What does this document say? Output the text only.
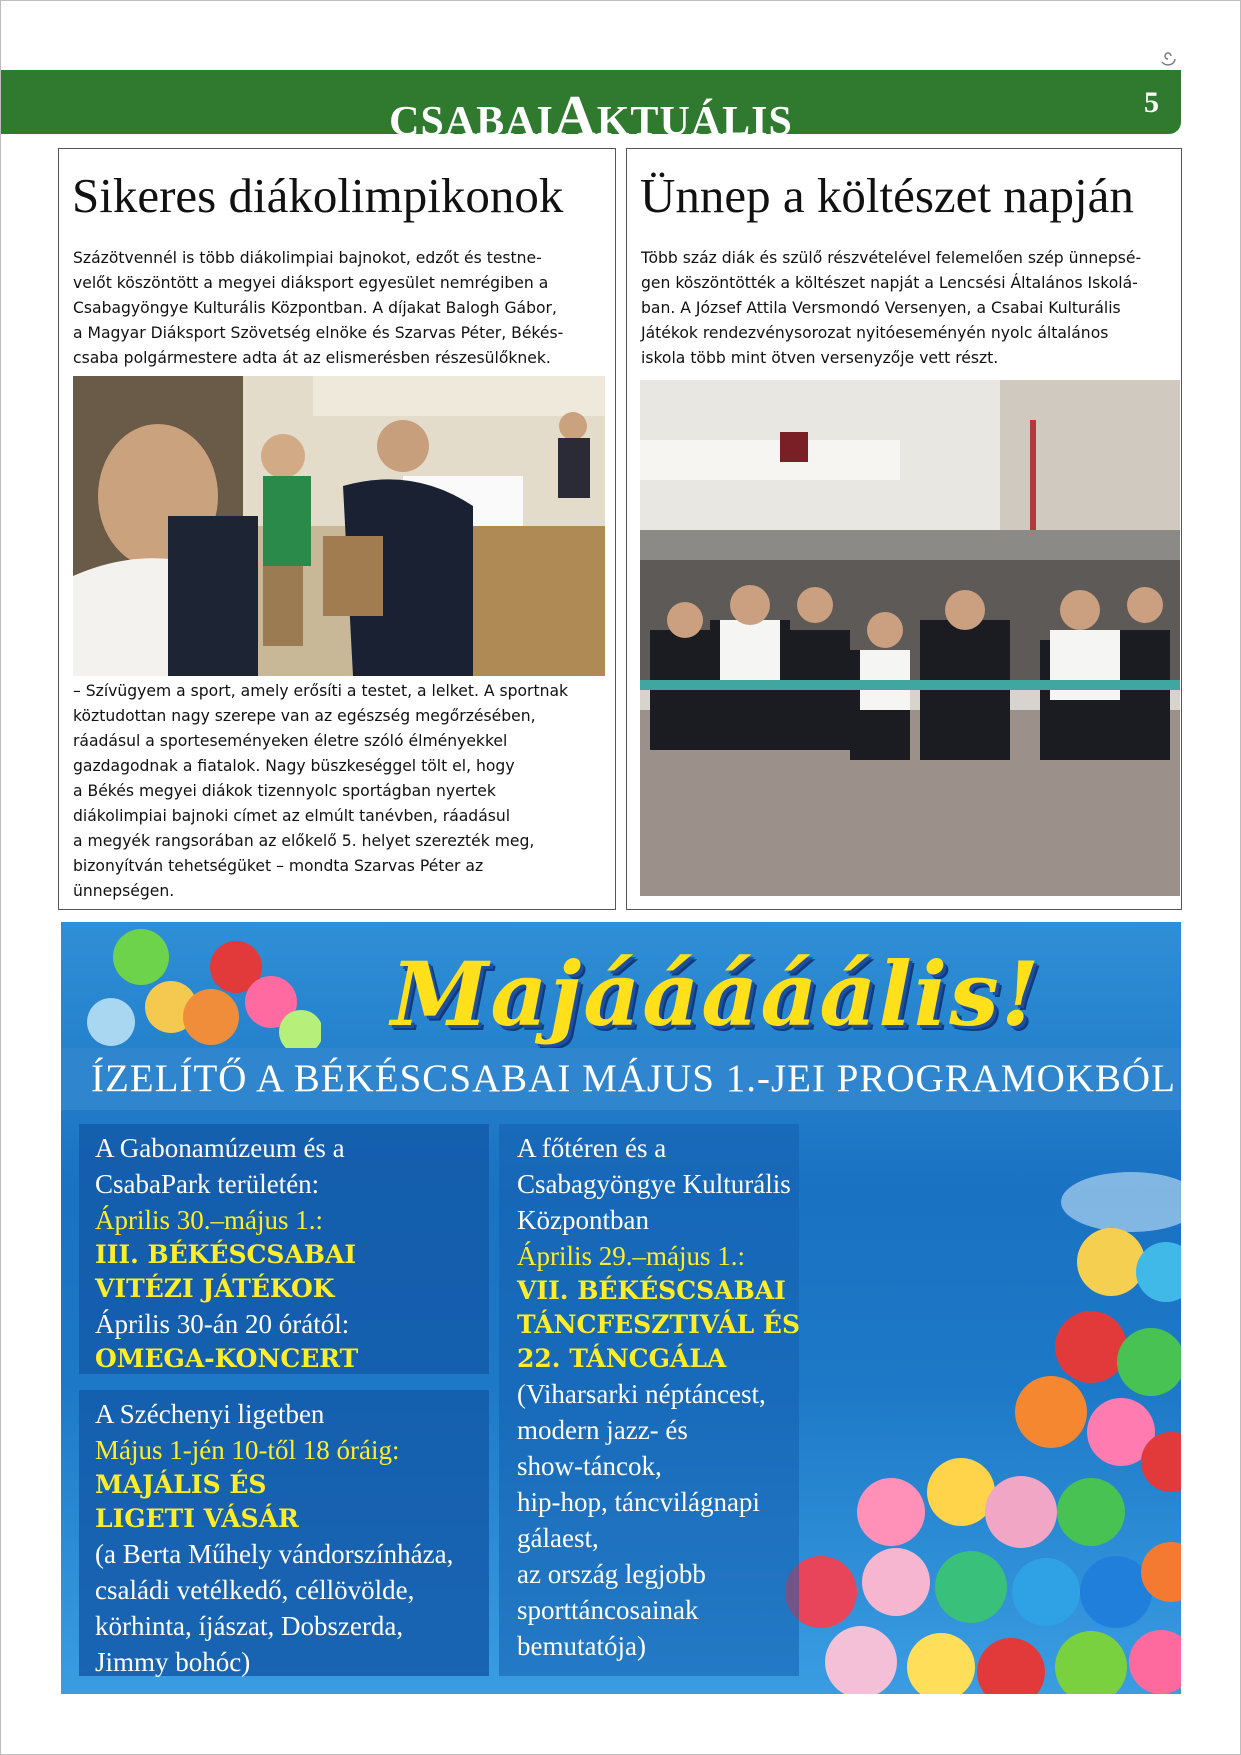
CSABAIAKTUÁLIS	5
Sikeres diákolimpikonok
Százötvennél is több diákolimpiai bajnokot, edzőt és testne-
velőt köszöntött a megyei diáksport egyesület nemrégiben a
Csabagyöngye Kulturális Központban. A díjakat Balogh Gábor,
a Magyar Diáksport Szövetség elnöke és Szarvas Péter, Békés-
csaba polgármestere adta át az elismerésben részesülőknek.
– Szívügyem a sport, amely erősíti a testet, a lelket. A sportnak
köztudottan nagy szerepe van az egészség megőrzésében,
ráadásul a sporteseményeken életre szóló élményekkel
gazdagodnak a fiatalok. Nagy büszkeséggel tölt el, hogy
a Békés megyei diákok tizennyolc sportágban nyertek
diákolimpiai bajnoki címet az elmúlt tanévben, ráadásul
a megyék rangsorában az előkelő 5. helyet szerezték meg,
bizonyítván tehetségüket – mondta Szarvas Péter az
ünnepségen.
Ünnep a költészet napján
Több száz diák és szülő részvételével felemelően szép ünnepsé-
gen köszöntötték a költészet napját a Lencsési Általános Iskolá-
ban. A József Attila Versmondó Versenyen, a Csabai Kulturális
Játékok rendezvénysorozat nyitóeseményén nyolc általános
iskola több mint ötven versenyzője vett részt.
Majááááális!
ÍZELÍTŐ A BÉKÉSCSABAI MÁJUS 1.-JEI PROGRAMOKBÓL
A Gabonamúzeum és a
CsabaPark területén:
Április 30.–május 1.:
III. BÉKÉSCSABAI
VITÉZI JÁTÉKOK
Április 30-án 20 órától:
OMEGA-KONCERT
A Széchenyi ligetben
Május 1-jén 10-től 18 óráig:
MAJÁLIS ÉS
LIGETI VÁSÁR
(a Berta Műhely vándorszínháza,
családi vetélkedő, céllövölde,
körhinta, íjászat, Dobszerda,
Jimmy bohóc)
A főtéren és a
Csabagyöngye Kulturális
Központban
Április 29.–május 1.:
VII. BÉKÉSCSABAI
TÁNCFESZTIVÁL ÉS
22. TÁNCGÁLA
(Viharsarki néptáncest,
modern jazz- és
show-táncok,
hip-hop, táncvilágnapi
gálaest,
az ország legjobb
sporttáncosainak
bemutatója)
